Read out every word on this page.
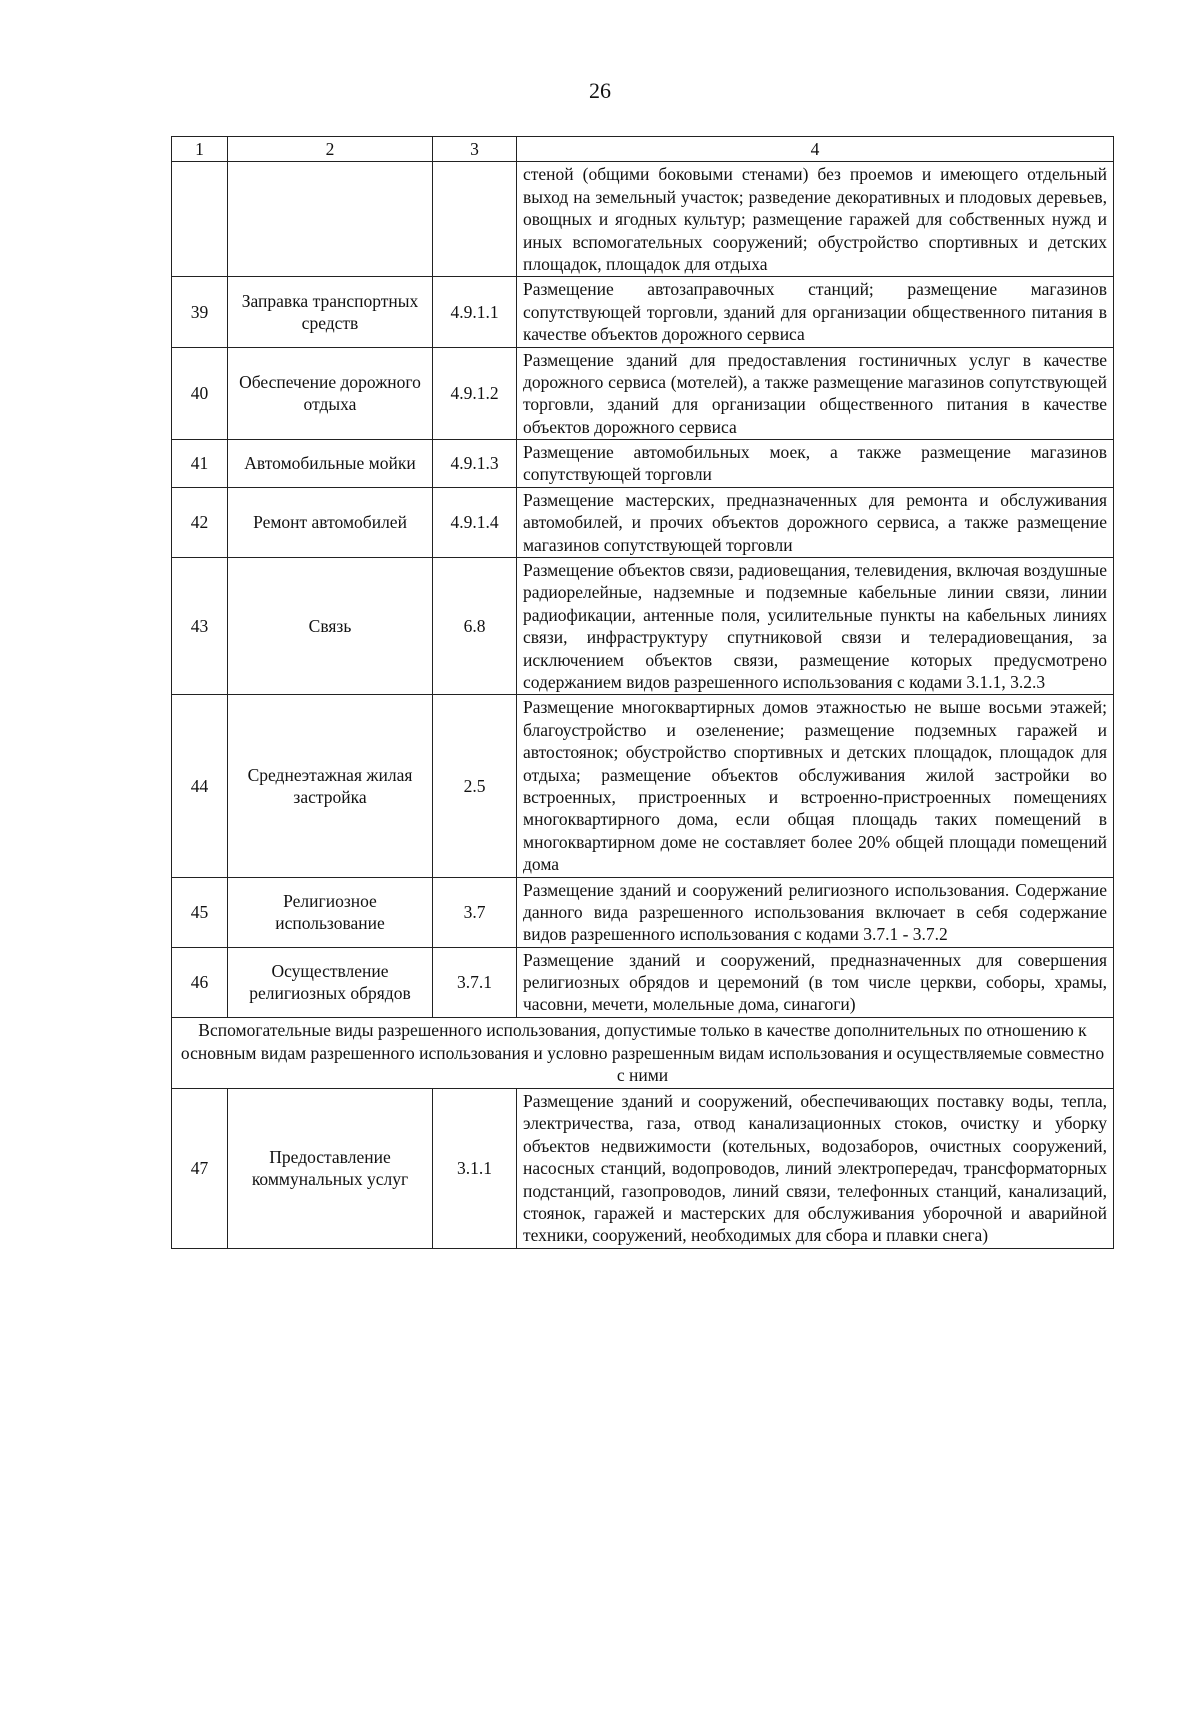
26
1	2	3	4
			стеной (общими боковыми стенами) без проемов и имеющего отдельный выход на земельный участок; разведение декоративных и плодовых деревьев, овощных и ягодных культур; размещение гаражей для собственных нужд и иных вспомогательных сооружений; обустройство спортивных и детских площадок, площадок для отдыха
39	Заправка транспортных средств	4.9.1.1	Размещение автозаправочных станций; размещение магазинов сопутствующей торговли, зданий для организации общественного питания в качестве объектов дорожного сервиса
40	Обеспечение дорожного отдыха	4.9.1.2	Размещение зданий для предоставления гостиничных услуг в качестве дорожного сервиса (мотелей), а также размещение магазинов сопутствующей торговли, зданий для организации общественного питания в качестве объектов дорожного сервиса
41	Автомобильные мойки	4.9.1.3	Размещение автомобильных моек, а также размещение магазинов сопутствующей торговли
42	Ремонт автомобилей	4.9.1.4	Размещение мастерских, предназначенных для ремонта и обслуживания автомобилей, и прочих объектов дорожного сервиса, а также размещение магазинов сопутствующей торговли
43	Связь	6.8	Размещение объектов связи, радиовещания, телевидения, включая воздушные радиорелейные, надземные и подземные кабельные линии связи, линии радиофикации, антенные поля, усилительные пункты на кабельных линиях связи, инфраструктуру спутниковой связи и телерадиовещания, за исключением объектов связи, размещение которых предусмотрено содержанием видов разрешенного использования с кодами 3.1.1, 3.2.3
44	Среднеэтажная жилая застройка	2.5	Размещение многоквартирных домов этажностью не выше восьми этажей; благоустройство и озеленение; размещение подземных гаражей и автостоянок; обустройство спортивных и детских площадок, площадок для отдыха; размещение объектов обслуживания жилой застройки во встроенных, пристроенных и встроенно-пристроенных помещениях многоквартирного дома, если общая площадь таких помещений в многоквартирном доме не составляет более 20% общей площади помещений дома
45	Религиозное использование	3.7	Размещение зданий и сооружений религиозного использования. Содержание данного вида разрешенного использования включает в себя содержание видов разрешенного использования с кодами 3.7.1 - 3.7.2
46	Осуществление религиозных обрядов	3.7.1	Размещение зданий и сооружений, предназначенных для совершения религиозных обрядов и церемоний (в том числе церкви, соборы, храмы, часовни, мечети, молельные дома, синагоги)
Вспомогательные виды разрешенного использования, допустимые только в качестве дополнительных по отношению к основным видам разрешенного использования и условно разрешенным видам использования и осуществляемые совместно с ними			
47	Предоставление коммунальных услуг	3.1.1	Размещение зданий и сооружений, обеспечивающих поставку воды, тепла, электричества, газа, отвод канализационных стоков, очистку и уборку объектов недвижимости (котельных, водозаборов, очистных сооружений, насосных станций, водопроводов, линий электропередач, трансформаторных подстанций, газопроводов, линий связи, телефонных станций, канализаций, стоянок, гаражей и мастерских для обслуживания уборочной и аварийной техники, сооружений, необходимых для сбора и плавки снега)
